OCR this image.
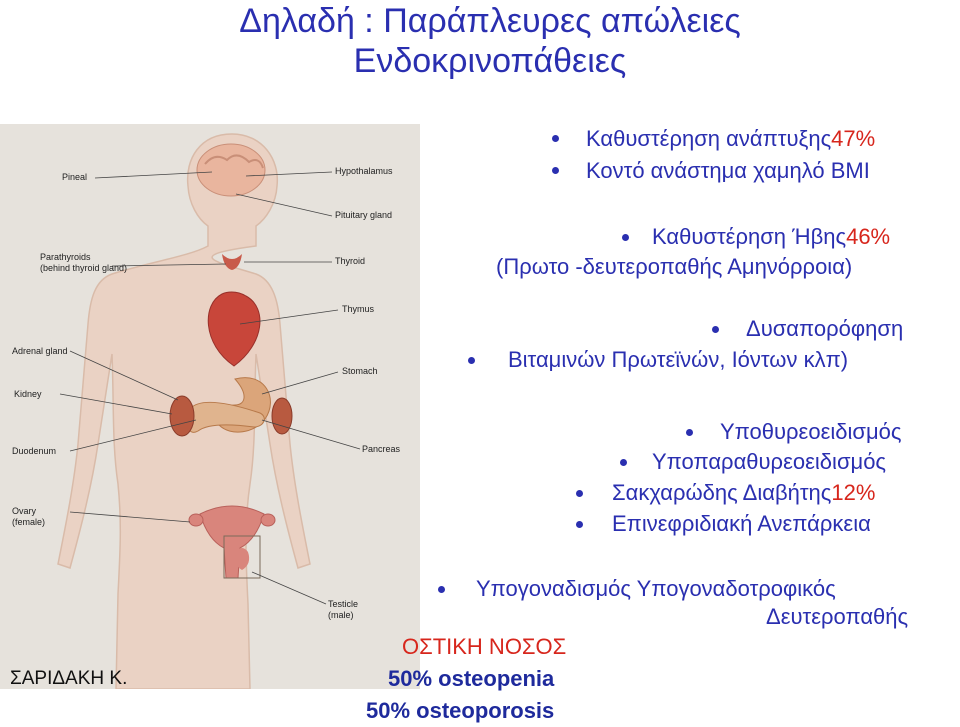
Δηλαδή : Παράπλευρες απώλειες
Ενδοκρινοπάθειες
Pineal
Hypothalamus
Pituitary gland
Parathyroids
(behind thyroid gland)
Thyroid
Thymus
Adrenal gland
Stomach
Kidney
Pancreas
Duodenum
Ovary
(female)
Testicle
(male)
Καθυστέρηση ανάπτυξης47%
Κοντό ανάστημα χαμηλό BMI
Καθυστέρηση Ήβης46%
(Πρωτο -δευτεροπαθής Αμηνόρροια)
Δυσαπορόφηση
Βιταμινών Πρωτεϊνών, Ιόντων κλπ)
Υποθυρεοειδισμός
Υποπαραθυρεοειδισμός
Σακχαρώδης Διαβήτης12%
Επινεφριδιακή Ανεπάρκεια
Υπογοναδισμός Υπογοναδοτροφικός
Δευτεροπαθής
ΟΣΤΙΚΗ ΝΟΣΟΣ
50% osteopenia
50% osteoporosis
ΣΑΡΙΔΑΚΗ Κ.
